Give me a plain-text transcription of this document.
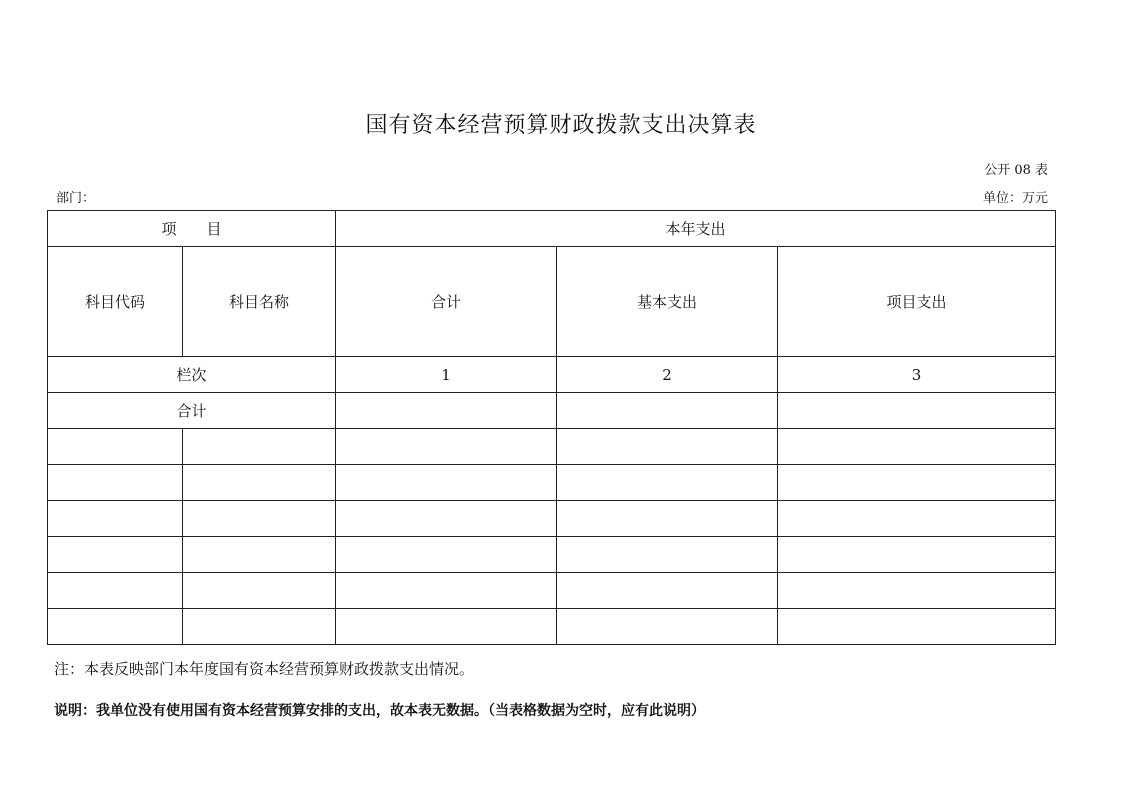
国有资本经营预算财政拨款支出决算表
公开 08 表
部门：	单位：万元
项　　目		本年支出		
科目代码	科目名称	合计	基本支出	项目支出
栏次		1	2	3
合计				

注：本表反映部门本年度国有资本经营预算财政拨款支出情况。
说明：我单位没有使用国有资本经营预算安排的支出，故本表无数据。（当表格数据为空时，应有此说明）
